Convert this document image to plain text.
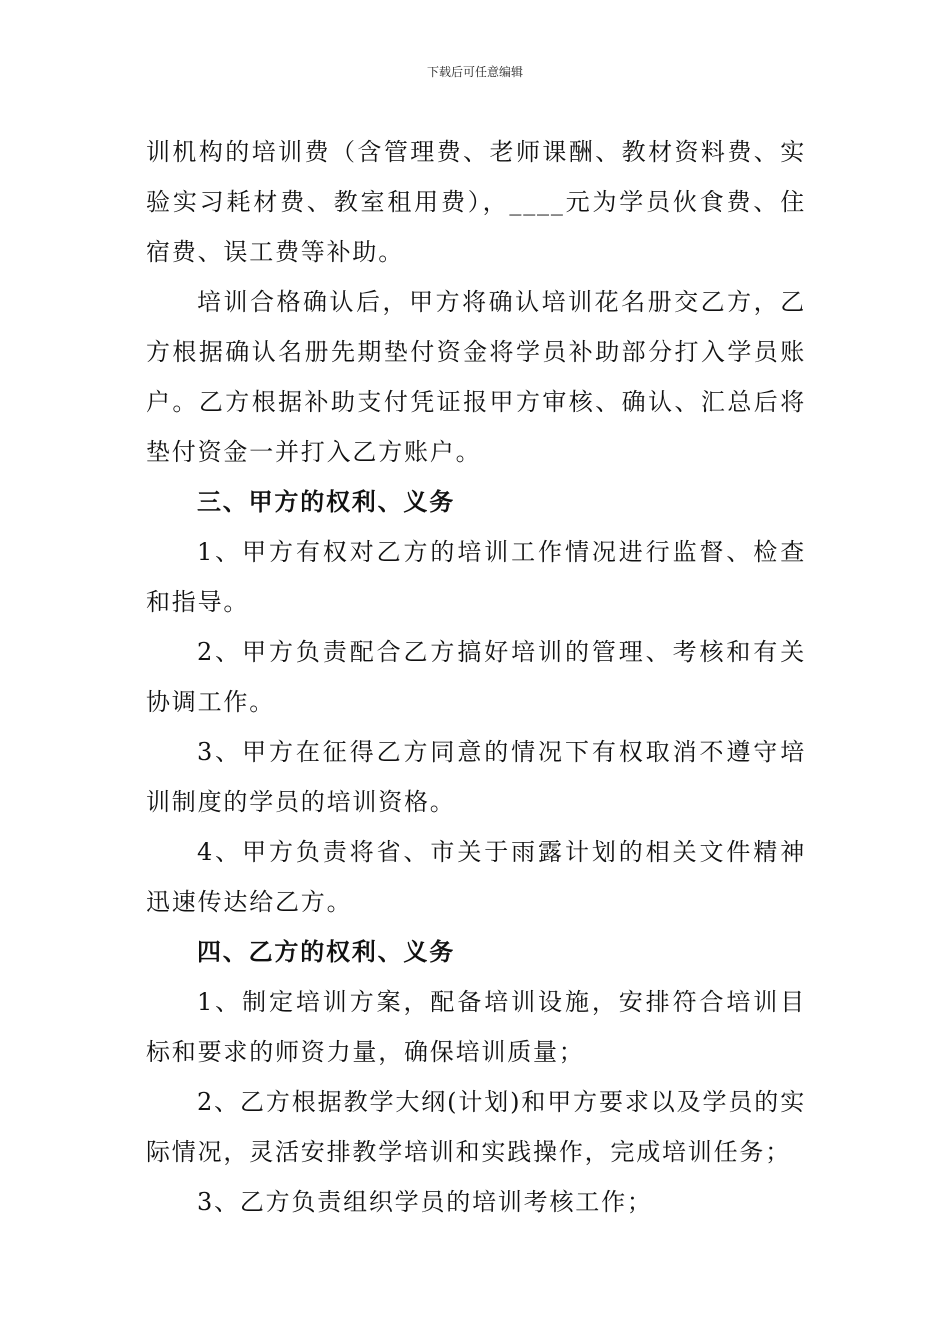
下载后可任意编辑

训机构的培训费（含管理费、老师课酬、教材资料费、实验实习耗材费、教室租用费），____元为学员伙食费、住宿费、误工费等补助。

培训合格确认后，甲方将确认培训花名册交乙方，乙方根据确认名册先期垫付资金将学员补助部分打入学员账户。乙方根据补助支付凭证报甲方审核、确认、汇总后将垫付资金一并打入乙方账户。

三、甲方的权利、义务

1、甲方有权对乙方的培训工作情况进行监督、检查和指导。

2、甲方负责配合乙方搞好培训的管理、考核和有关协调工作。

3、甲方在征得乙方同意的情况下有权取消不遵守培训制度的学员的培训资格。

4、甲方负责将省、市关于雨露计划的相关文件精神迅速传达给乙方。

四、乙方的权利、义务

1、制定培训方案，配备培训设施，安排符合培训目标和要求的师资力量，确保培训质量；

2、乙方根据教学大纲(计划)和甲方要求以及学员的实际情况，灵活安排教学培训和实践操作，完成培训任务；

3、乙方负责组织学员的培训考核工作；
